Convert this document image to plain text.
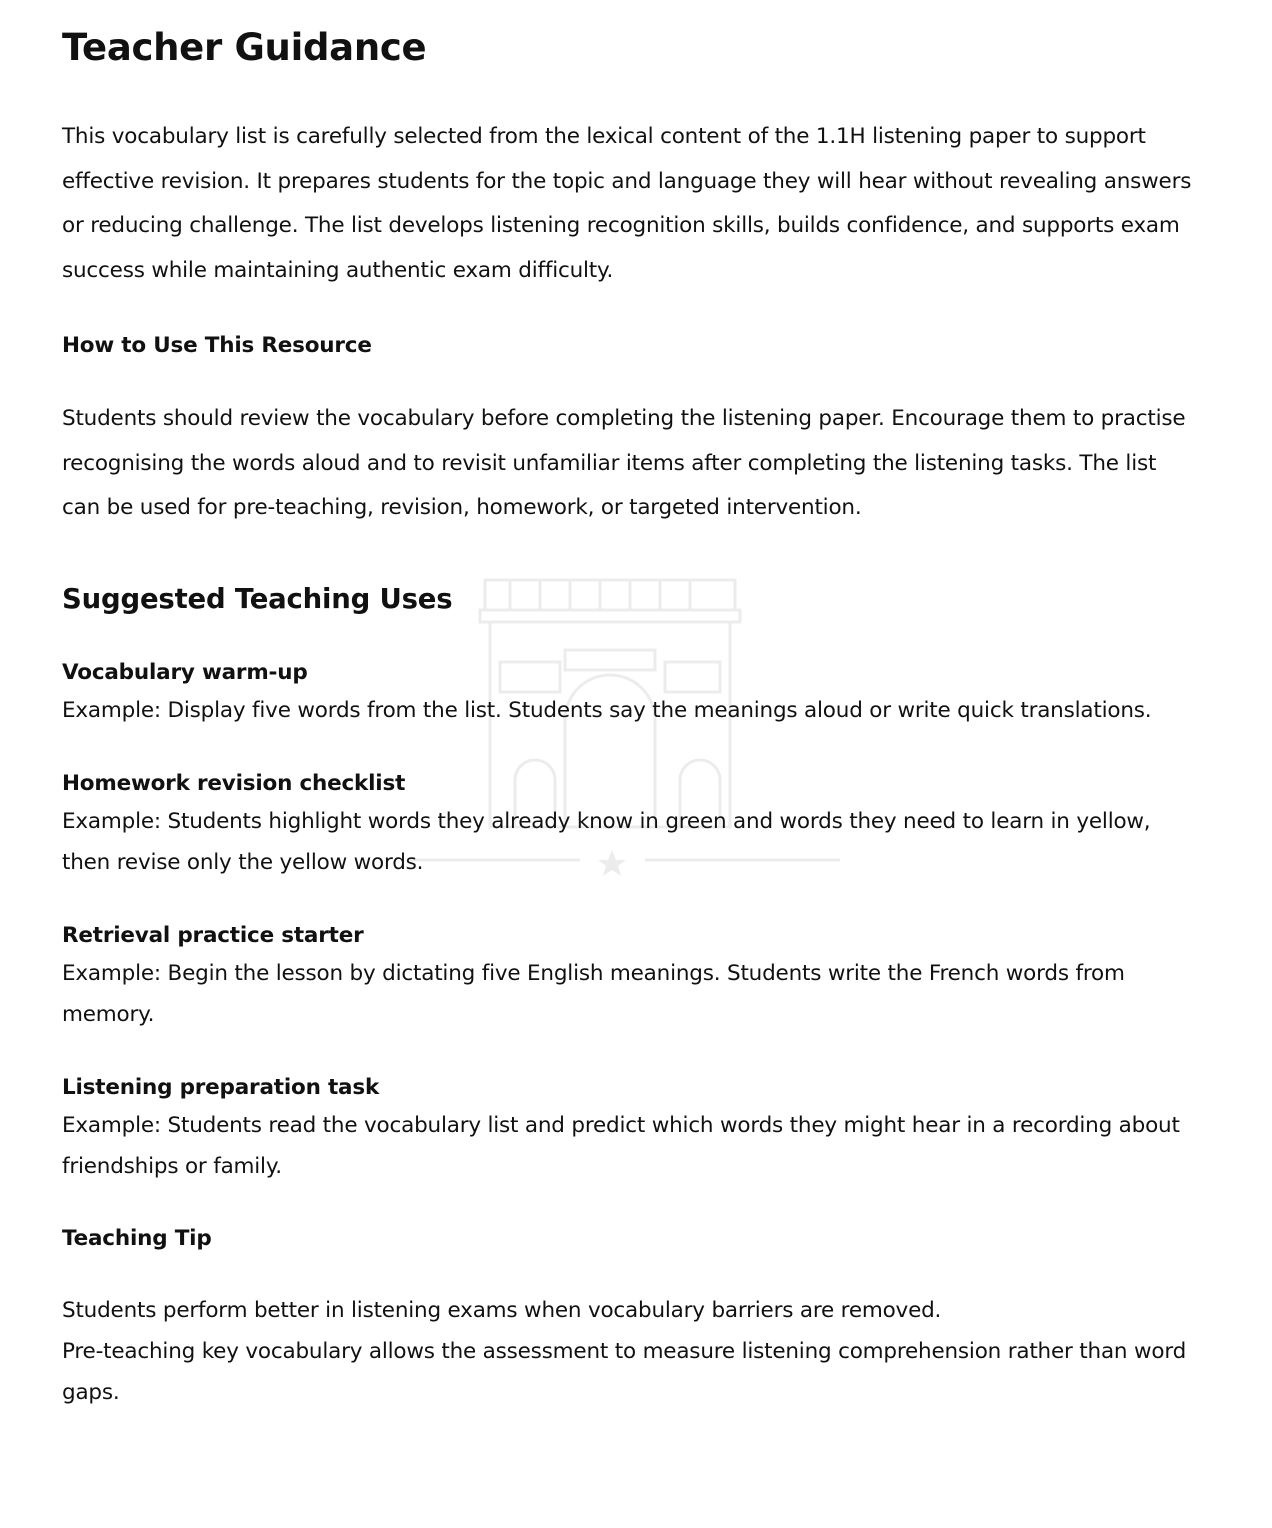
Teacher Guidance

This vocabulary list is carefully selected from the lexical content of the 1.1H listening paper to support effective revision. It prepares students for the topic and language they will hear without revealing answers or reducing challenge. The list develops listening recognition skills, builds confidence, and supports exam success while maintaining authentic exam difficulty.

How to Use This Resource

Students should review the vocabulary before completing the listening paper. Encourage them to practise recognising the words aloud and to revisit unfamiliar items after completing the listening tasks. The list can be used for pre-teaching, revision, homework, or targeted intervention.

Suggested Teaching Uses
Vocabulary warm-up
Example: Display five words from the list. Students say the meanings aloud or write quick translations.
Homework revision checklist
Example: Students highlight words they already know in green and words they need to learn in yellow, then revise only the yellow words.
Retrieval practice starter
Example: Begin the lesson by dictating five English meanings. Students write the French words from memory.
Listening preparation task
Example: Students read the vocabulary list and predict which words they might hear in a recording about friendships or family.
Teaching Tip
Students perform better in listening exams when vocabulary barriers are removed.
Pre-teaching key vocabulary allows the assessment to measure listening comprehension rather than word gaps.
